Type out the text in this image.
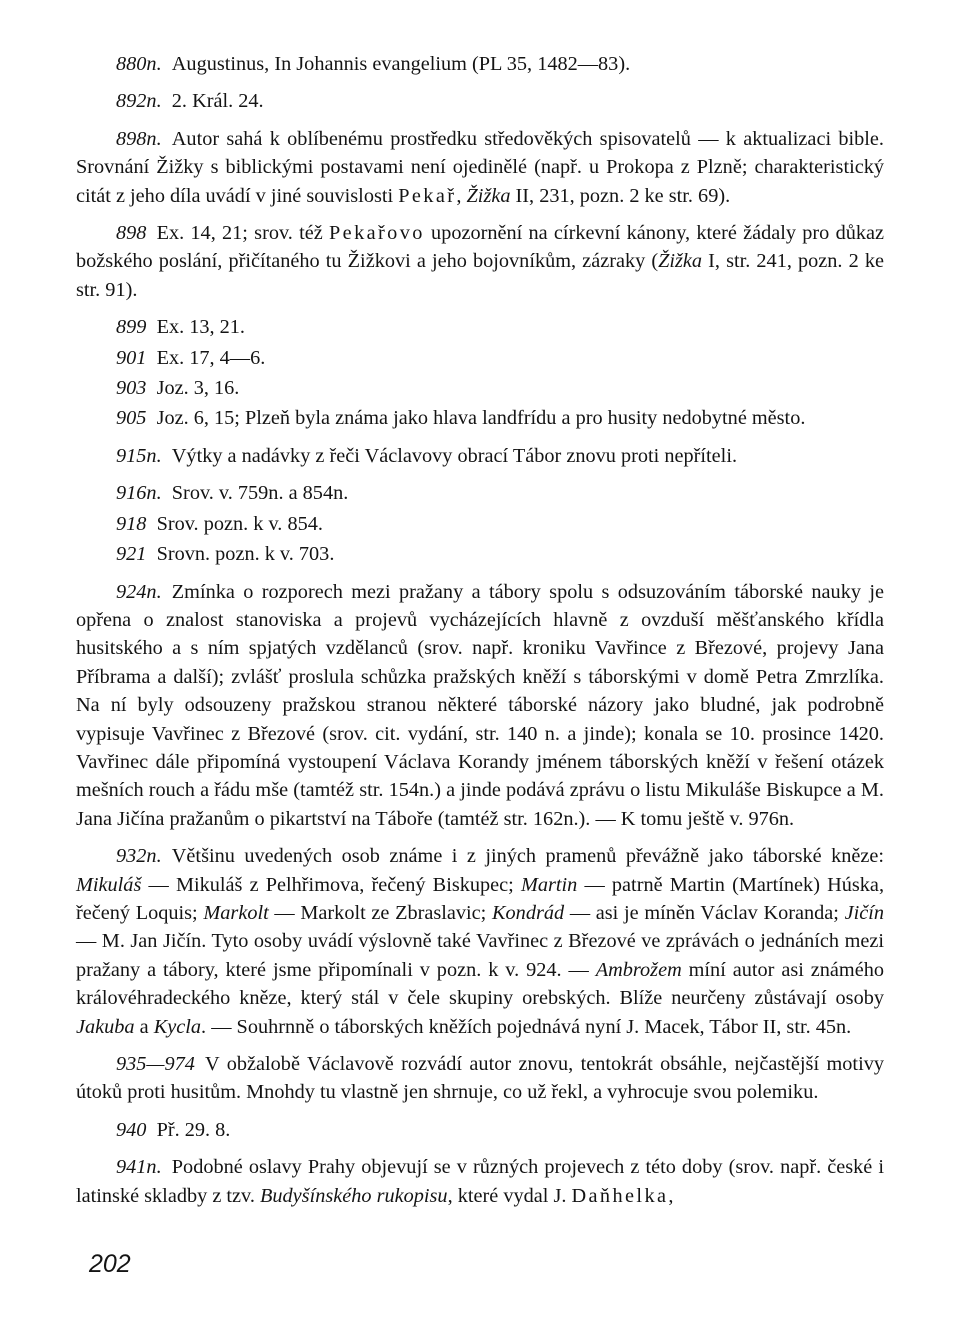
880n.  Augustinus, In Johannis evangelium (PL 35, 1482—83).

892n.  2. Král. 24.

898n.  Autor sahá k oblíbenému prostředku středověkých spisovatelů — k aktualizaci bible. Srovnání Žižky s biblickými postavami není ojedinělé (např. u Prokopa z Plzně; charakteristický citát z jeho díla uvádí v jiné souvislosti Pekař, Žižka II, 231, pozn. 2 ke str. 69).

898  Ex. 14, 21; srov. též Pekařovo upozornění na církevní kánony, které žádaly pro důkaz božského poslání, přičítaného tu Žižkovi a jeho bojovníkům, zázraky (Žižka I, str. 241, pozn. 2 ke str. 91).

899  Ex. 13, 21.

901  Ex. 17, 4—6.

903  Joz. 3, 16.

905  Joz. 6, 15; Plzeň byla známa jako hlava landfrídu a pro husity nedobytné město.

915n.  Výtky a nadávky z řeči Václavovy obrací Tábor znovu proti nepříteli.

916n.  Srov. v. 759n. a 854n.

918  Srov. pozn. k v. 854.

921  Srovn. pozn. k v. 703.

924n.  Zmínka o rozporech mezi pražany a tábory spolu s odsuzováním táborské nauky je opřena o znalost stanoviska a projevů vycházejících hlavně z ovzduší měšťanského křídla husitského a s ním spjatých vzdělanců (srov. např. kroniku Vavřince z Březové, projevy Jana Příbrama a další); zvlášť proslula schůzka pražských kněží s táborskými v domě Petra Zmrzlíka. Na ní byly odsouzeny pražskou stranou některé táborské názory jako bludné, jak podrobně vypisuje Vavřinec z Březové (srov. cit. vydání, str. 140 n. a jinde); konala se 10. prosince 1420. Vavřinec dále připomíná vystoupení Václava Korandy jménem táborských kněží v řešení otázek mešních rouch a řádu mše (tamtéž str. 154n.) a jinde podává zprávu o listu Mikuláše Biskupce a M. Jana Jičína pražanům o pikartství na Táboře (tamtéž str. 162n.). — K tomu ještě v. 976n.

932n.  Většinu uvedených osob známe i z jiných pramenů převážně jako táborské kněze: Mikuláš — Mikuláš z Pelhřimova, řečený Biskupec; Martin — patrně Martin (Martínek) Húska, řečený Loquis; Markolt — Markolt ze Zbraslavic; Kondrád — asi je míněn Václav Koranda; Jičín — M. Jan Jičín. Tyto osoby uvádí výslovně také Vavřinec z Březové ve zprávách o jednáních mezi pražany a tábory, které jsme připomínali v pozn. k v. 924. — Ambrožem míní autor asi známého královéhradeckého kněze, který stál v čele skupiny orebských. Blíže neurčeny zůstávají osoby Jakuba a Kycla. — Souhrnně o táborských kněžích pojednává nyní J. Macek, Tábor II, str. 45n.

935—974  V obžalobě Václavově rozvádí autor znovu, tentokrát obsáhle, nejčastější motivy útoků proti husitům. Mnohdy tu vlastně jen shrnuje, co už řekl, a vyhrocuje svou polemiku.

940  Př. 29. 8.

941n.  Podobné oslavy Prahy objevují se v různých projevech z této doby (srov. např. české i latinské skladby z tzv. Budyšínského rukopisu, které vydal J. Daňhelka,

202
